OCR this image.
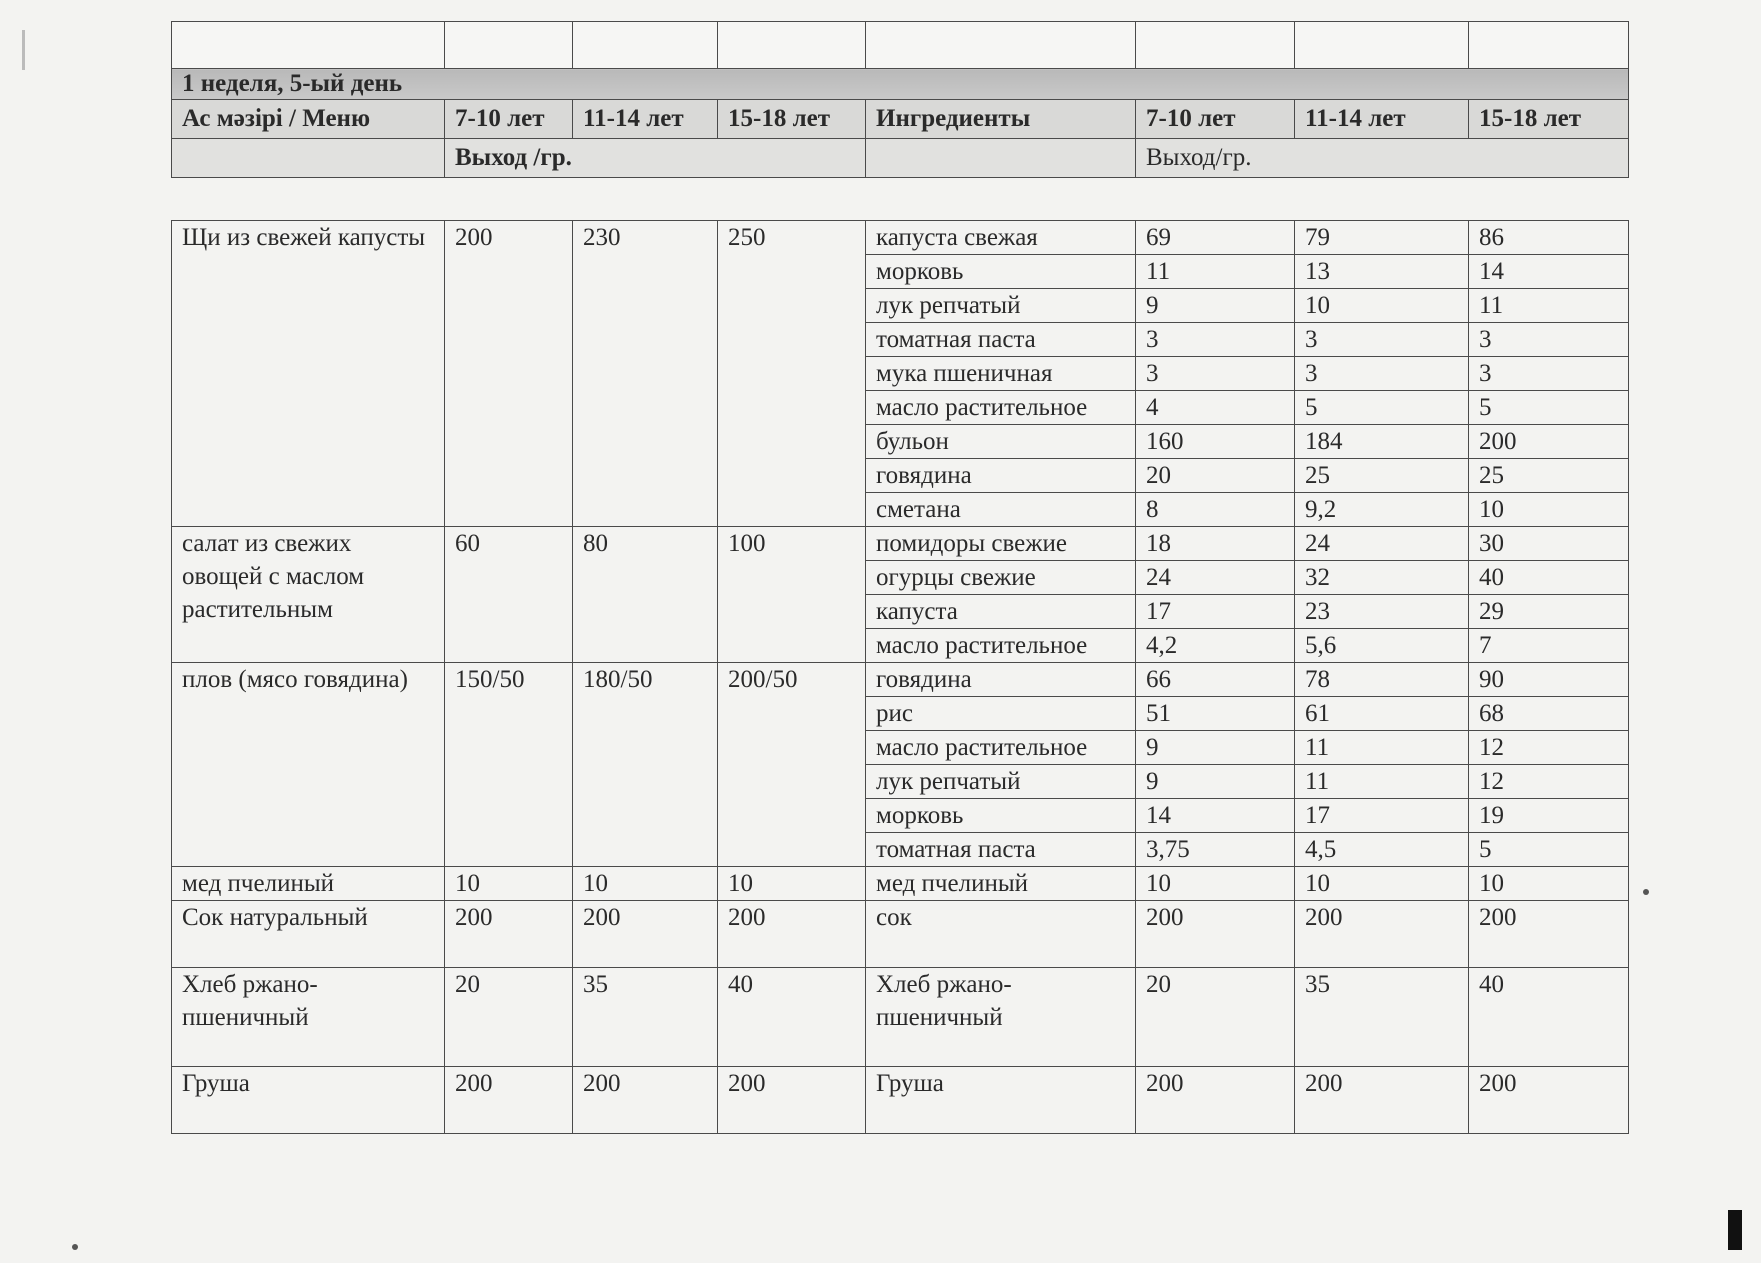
1 неделя, 5-ый день							
Ас мәзірі / Меню	7-10 лет	11-14 лет	15-18 лет	Ингредиенты	7-10 лет	11-14 лет	15-18 лет
	Выход /гр.				Выход/гр.		
Щи из свежей капусты	200	230	250	капуста свежая	69	79	86
				морковь	11	13	14
				лук репчатый	9	10	11
				томатная паста	3	3	3
				мука пшеничная	3	3	3
				масло растительное	4	5	5
				бульон	160	184	200
				говядина	20	25	25
				сметана	8	9,2	10
салат из свежих овощей с маслом растительным	60	80	100	помидоры свежие	18	24	30
				огурцы свежие	24	32	40
				капуста	17	23	29
				масло растительное	4,2	5,6	7
плов (мясо говядина)	150/50	180/50	200/50	говядина	66	78	90
				рис	51	61	68
				масло растительное	9	11	12
				лук репчатый	9	11	12
				морковь	14	17	19
				томатная паста	3,75	4,5	5
мед пчелиный	10	10	10	мед пчелиный	10	10	10
Сок натуральный	200	200	200	сок	200	200	200
Хлеб ржано-пшеничный	20	35	40	Хлеб ржано-пшеничный	20	35	40
Груша	200	200	200	Груша	200	200	200
